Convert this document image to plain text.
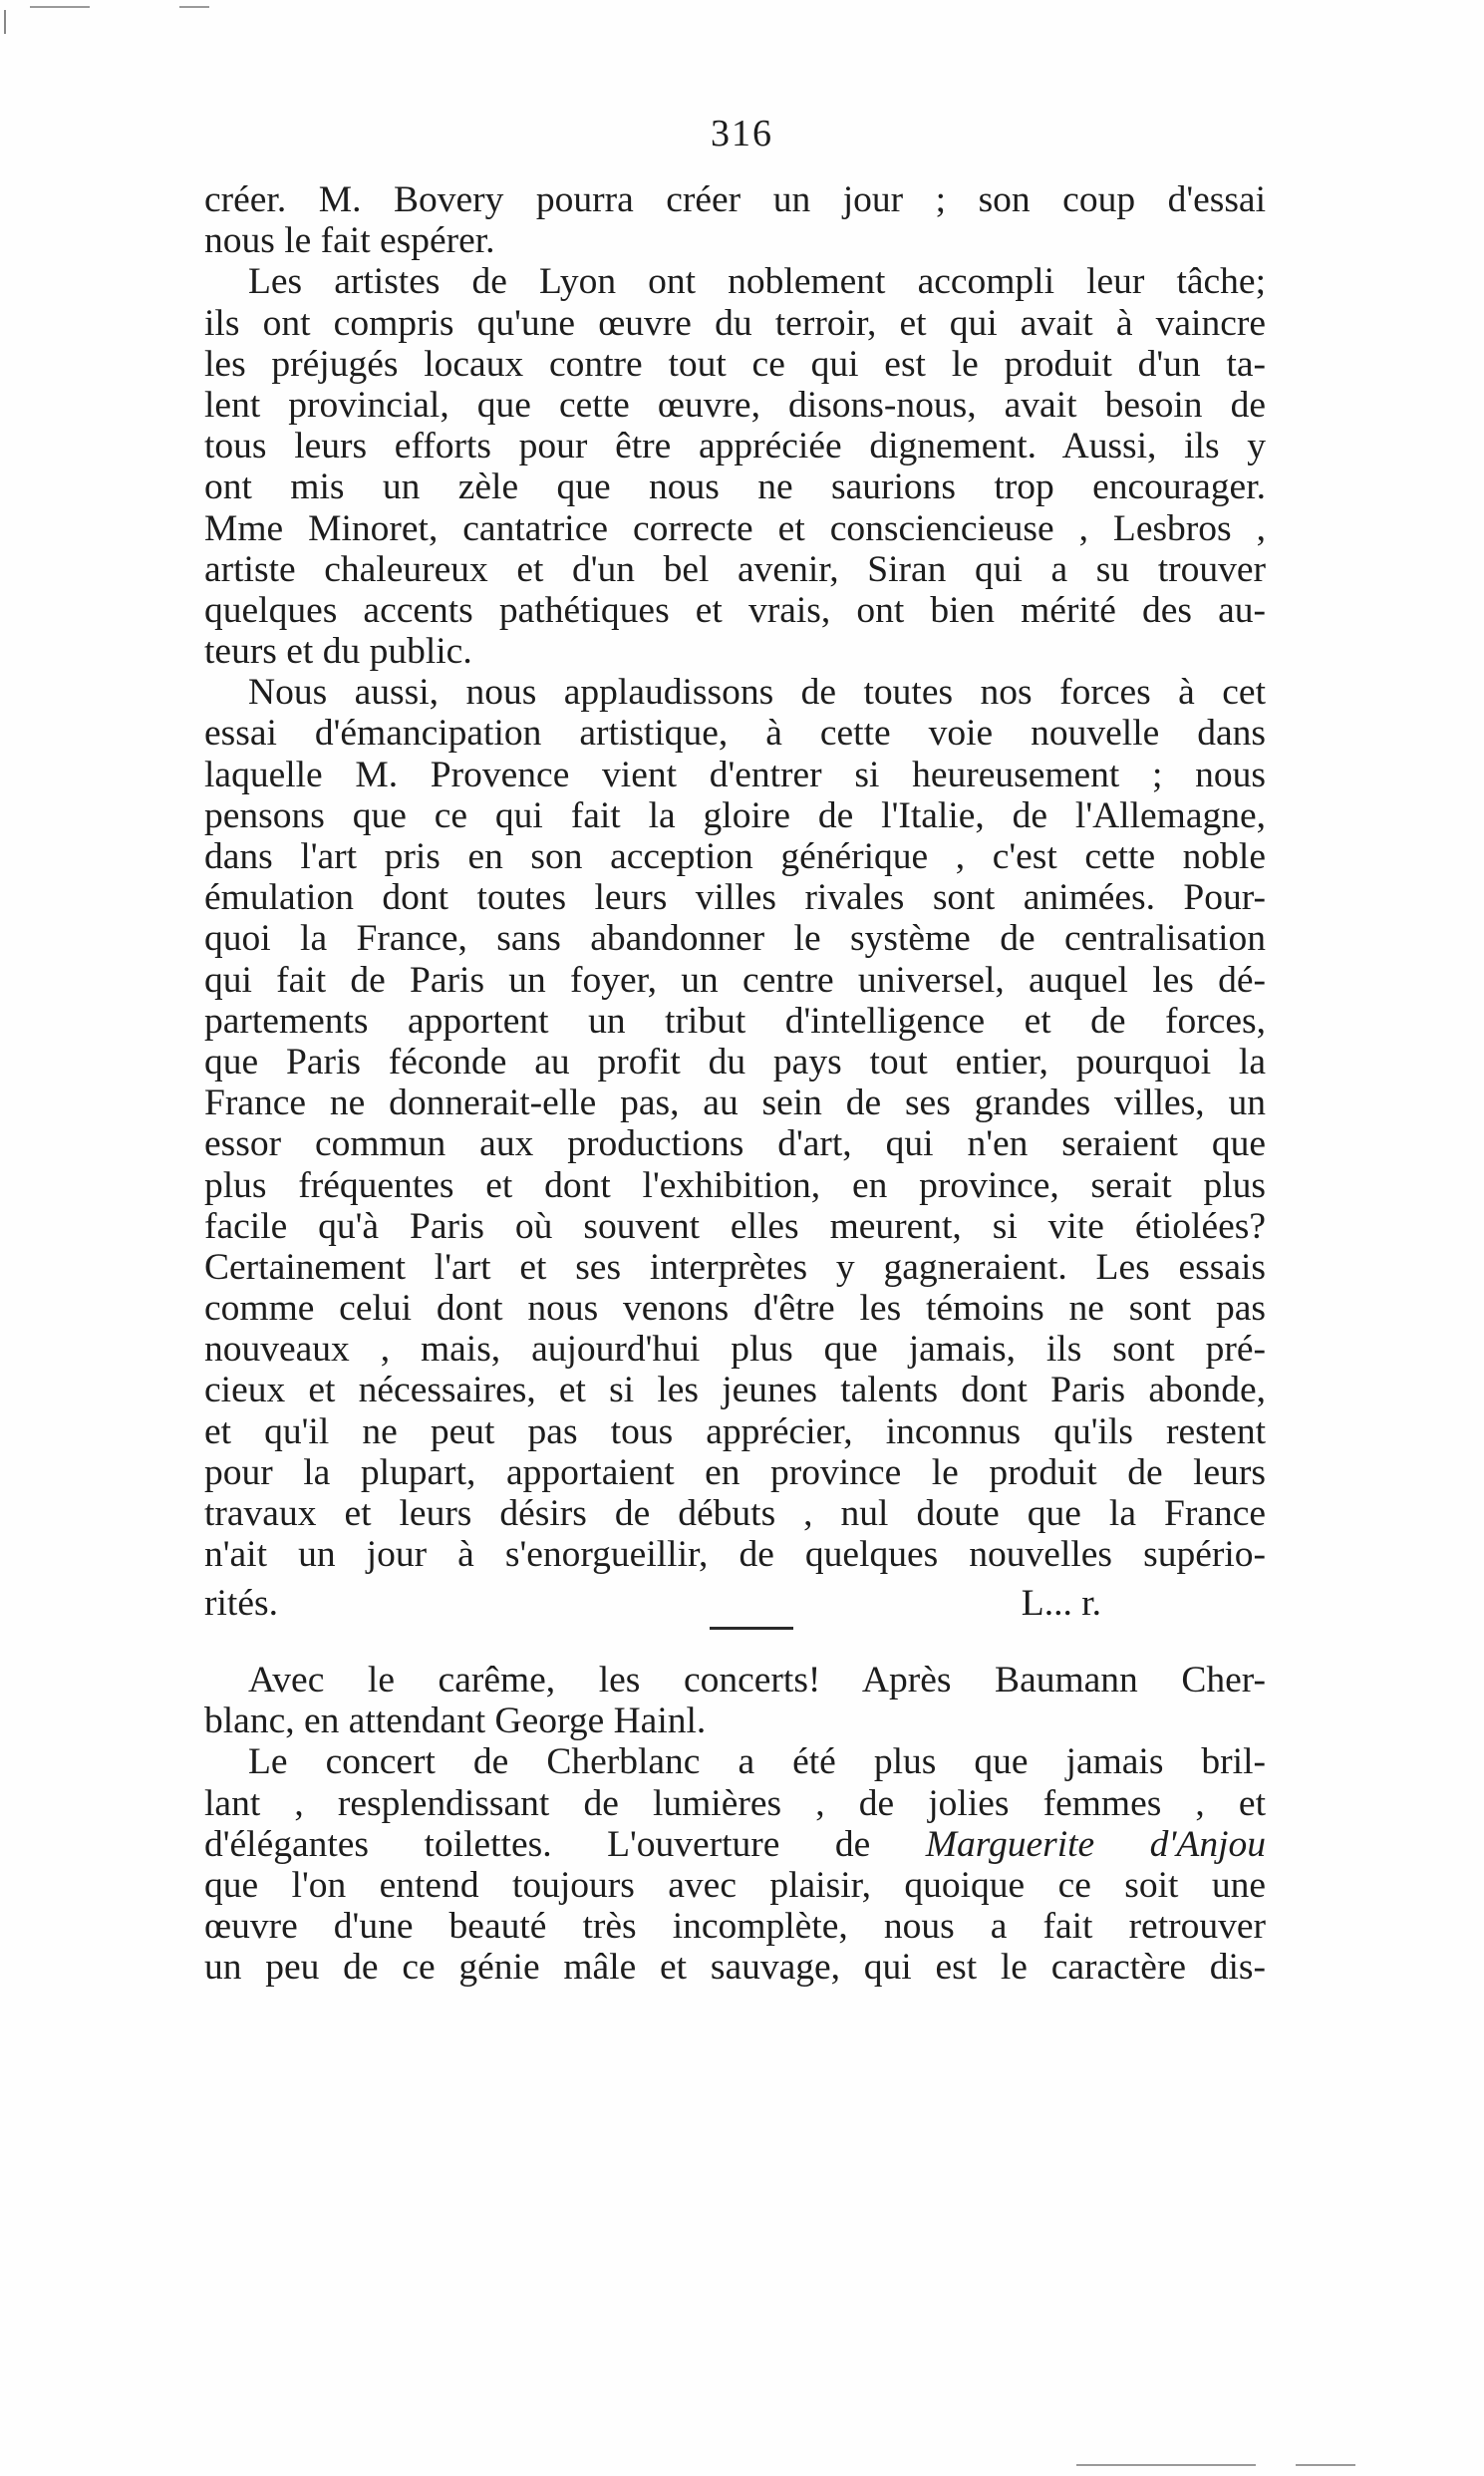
316
créer. M. Bovery pourra créer un jour ; son coup d'essai
nous le fait espérer.
Les artistes de Lyon ont noblement accompli leur tâche;
ils ont compris qu'une œuvre du terroir, et qui avait à vaincre
les préjugés locaux contre tout ce qui est le produit d'un ta-
lent provincial, que cette œuvre, disons-nous, avait besoin de
tous leurs efforts pour être appréciée dignement. Aussi, ils y
ont mis un zèle que nous ne saurions trop encourager.
Mme Minoret, cantatrice correcte et consciencieuse , Lesbros ,
artiste chaleureux et d'un bel avenir, Siran qui a su trouver
quelques accents pathétiques et vrais, ont bien mérité des au-
teurs et du public.
Nous aussi, nous applaudissons de toutes nos forces à cet
essai d'émancipation artistique, à cette voie nouvelle dans
laquelle M. Provence vient d'entrer si heureusement ; nous
pensons que ce qui fait la gloire de l'Italie, de l'Allemagne,
dans l'art pris en son acception générique , c'est cette noble
émulation dont toutes leurs villes rivales sont animées. Pour-
quoi la France, sans abandonner le système de centralisation
qui fait de Paris un foyer, un centre universel, auquel les dé-
partements apportent un tribut d'intelligence et de forces,
que Paris féconde au profit du pays tout entier, pourquoi la
France ne donnerait-elle pas, au sein de ses grandes villes, un
essor commun aux productions d'art, qui n'en seraient que
plus fréquentes et dont l'exhibition, en province, serait plus
facile qu'à Paris où souvent elles meurent, si vite étiolées?
Certainement l'art et ses interprètes y gagneraient. Les essais
comme celui dont nous venons d'être les témoins ne sont pas
nouveaux , mais, aujourd'hui plus que jamais, ils sont pré-
cieux et nécessaires, et si les jeunes talents dont Paris abonde,
et qu'il ne peut pas tous apprécier, inconnus qu'ils restent
pour la plupart, apportaient en province le produit de leurs
travaux et leurs désirs de débuts , nul doute que la France
n'ait un jour à s'enorgueillir, de quelques nouvelles supério-
rités.	L... r.
Avec le carême, les concerts! Après Baumann Cher-
blanc, en attendant George Hainl.
Le concert de Cherblanc a été plus que jamais bril-
lant , resplendissant de lumières , de jolies femmes , et
d'élégantes toilettes. L'ouverture de Marguerite d'Anjou
que l'on entend toujours avec plaisir, quoique ce soit une
œuvre d'une beauté très incomplète, nous a fait retrouver
un peu de ce génie mâle et sauvage, qui est le caractère dis-
